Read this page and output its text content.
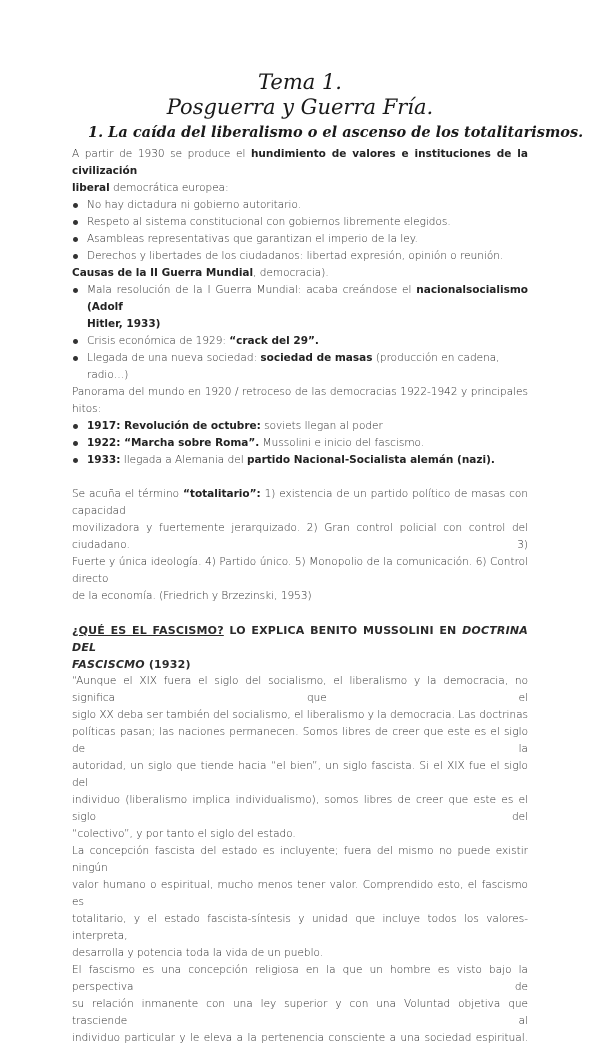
Tema 1.
Posguerra y Guerra Fría.
1. La caída del liberalismo o el ascenso de los totalitarismos.

A partir de 1930 se produce el hundimiento de valores e instituciones de la civilización

liberal democrática europea:

No hay dictadura ni gobierno autoritario.
Respeto al sistema constitucional con gobiernos libremente elegidos.
Asambleas representativas que garantizan el imperio de la ley.
Derechos y libertades de los ciudadanos: libertad expresión, opinión o reunión.

Causas de la II Guerra Mundial, democracia).

Mala resolución de la I Guerra Mundial: acaba creándose el nacionalsocialismo (Adolf
Hitler, 1933)
Crisis económica de 1929: “crack del 29”.
Llegada de una nueva sociedad: sociedad de masas (producción en cadena, radio…)

Panorama del mundo en 1920 / retroceso de las democracias 1922-1942 y principales hitos:

1917: Revolución de octubre: soviets llegan al poder
1922: “Marcha sobre Roma”. Mussolini e inicio del fascismo.
1933: llegada a Alemania del partido Nacional-Socialista alemán (nazi).

Se acuña el término “totalitario”: 1) existencia de un partido político de masas con capacidad

movilizadora y fuertemente jerarquizado. 2) Gran control policial con control del ciudadano. 3)

Fuerte y única ideología. 4) Partido único. 5) Monopolio de la comunicación. 6) Control directo

de la economía. (Friedrich y Brzezinski, 1953)

¿QUÉ ES EL FASCISMO? LO EXPLICA BENITO MUSSOLINI EN DOCTRINA DEL

FASCISCMO (1932)

“Aunque el XIX fuera el siglo del socialismo, el liberalismo y la democracia, no significa que el

siglo XX deba ser también del socialismo, el liberalismo y la democracia. Las doctrinas

políticas pasan; las naciones permanecen. Somos libres de creer que este es el siglo de la

autoridad, un siglo que tiende hacia “el bien”, un siglo fascista. Si el XIX fue el siglo del

individuo (liberalismo implica individualismo), somos libres de creer que este es el siglo del

“colectivo”, y por tanto el siglo del estado.

La concepción fascista del estado es incluyente; fuera del mismo no puede existir ningún

valor humano o espiritual, mucho menos tener valor. Comprendido esto, el fascismo es

totalitario, y el estado fascista-síntesis y unidad que incluye todos los valores- interpreta,

desarrolla y potencia toda la vida de un pueblo.

El fascismo es una concepción religiosa en la que un hombre es visto bajo la perspectiva de

su relación inmanente con una ley superior y con una Voluntad objetiva que trasciende al

individuo particular y le eleva a la pertenencia consciente a una sociedad espiritual.
